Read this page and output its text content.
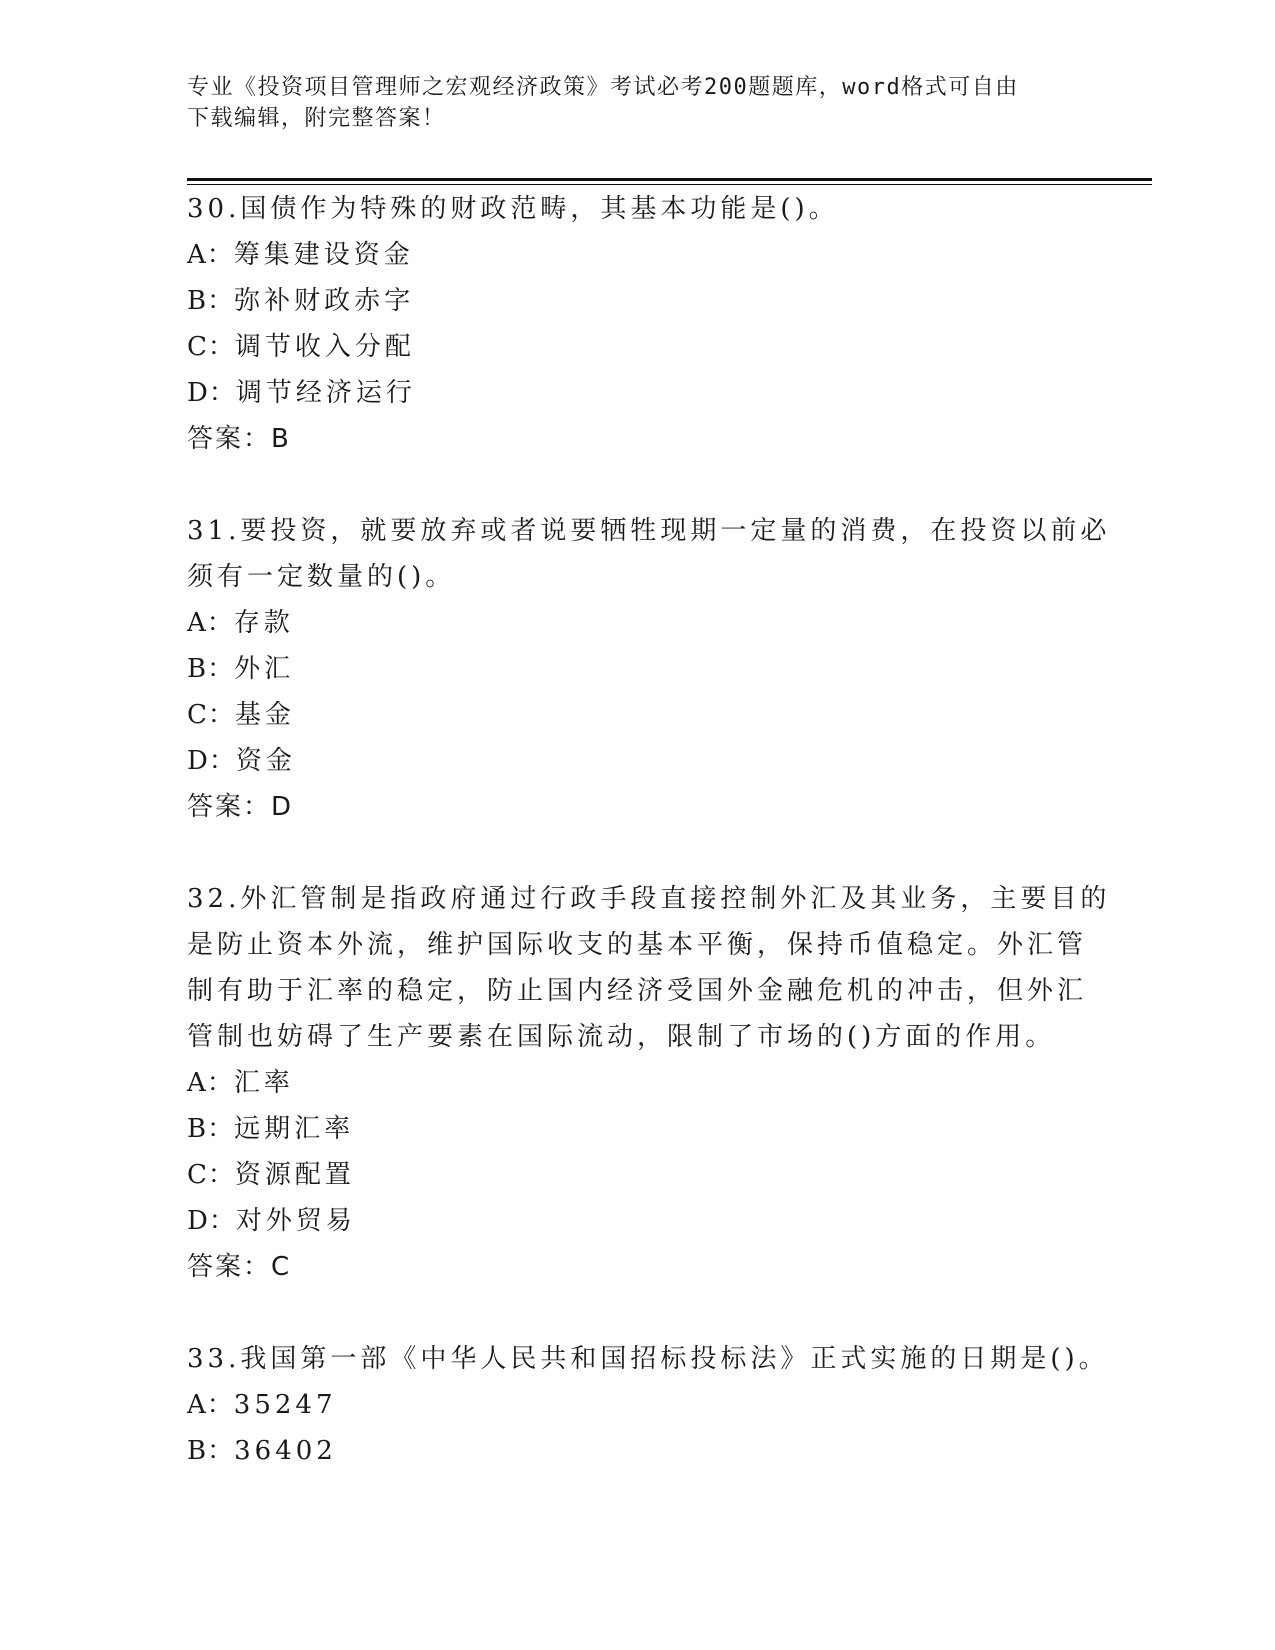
专业《投资项目管理师之宏观经济政策》考试必考200题题库，word格式可自由
下载编辑，附完整答案！
30.国债作为特殊的财政范畴，其基本功能是()。
A：筹集建设资金
B：弥补财政赤字
C：调节收入分配
D：调节经济运行
答案：B
31.要投资，就要放弃或者说要牺牲现期一定量的消费，在投资以前必
须有一定数量的()。
A：存款
B：外汇
C：基金
D：资金
答案：D
32.外汇管制是指政府通过行政手段直接控制外汇及其业务，主要目的
是防止资本外流，维护国际收支的基本平衡，保持币值稳定。外汇管
制有助于汇率的稳定，防止国内经济受国外金融危机的冲击，但外汇
管制也妨碍了生产要素在国际流动，限制了市场的()方面的作用。
A：汇率
B：远期汇率
C：资源配置
D：对外贸易
答案：C
33.我国第一部《中华人民共和国招标投标法》正式实施的日期是()。
A：35247
B：36402
